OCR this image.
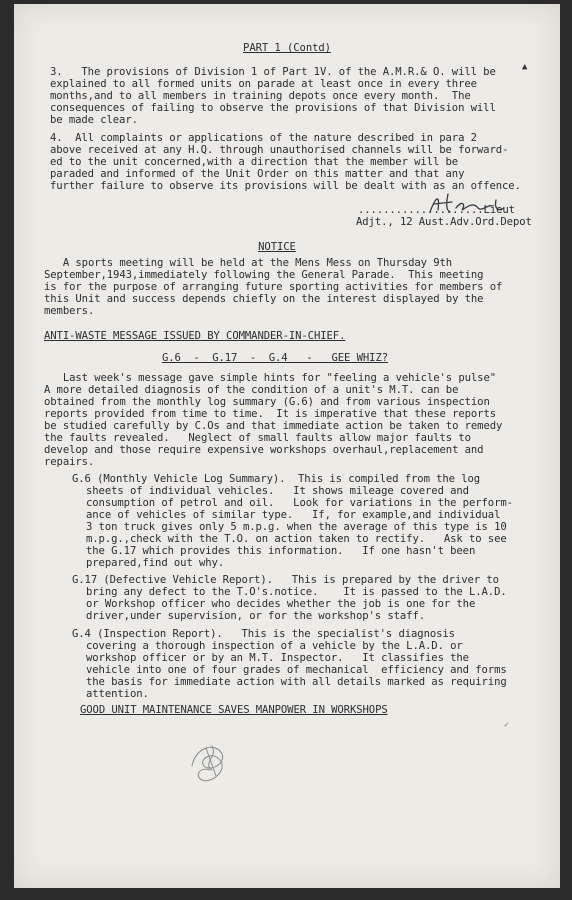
PART 1 (Contd)
▲
3.   The provisions of Division 1 of Part 1V. of the A.M.R.& O. will be
explained to all formed units on parade at least once in every three
months,and to all members in training depots once every month.  The
consequences of failing to observe the provisions of that Division will
be made clear.
4.  All complaints or applications of the nature described in para 2
above received at any H.Q. through unauthorised channels will be forward-
ed to the unit concerned,with a direction that the member will be
paraded and informed of the Unit Order on this matter and that any
further failure to observe its provisions will be dealt with as an offence.
....................Lieut
Adjt., 12 Aust.Adv.Ord.Depot
NOTICE
A sports meeting will be held at the Mens Mess on Thursday 9th
September,1943,immediately following the General Parade.  This meeting
is for the purpose of arranging future sporting activities for members of
this Unit and success depends chiefly on the interest displayed by the
members.
ANTI-WASTE MESSAGE ISSUED BY COMMANDER-IN-CHIEF.
G.6  -  G.17  -  G.4   -   GEE WHIZ?
Last week's message gave simple hints for "feeling a vehicle's pulse"
A more detailed diagnosis of the condition of a unit's M.T. can be
obtained from the monthly log summary (G.6) and from various inspection
reports provided from time to time.  It is imperative that these reports
be studied carefully by C.Os and that immediate action be taken to remedy
the faults revealed.   Neglect of small faults allow major faults to
develop and those require expensive workshops overhaul,replacement and
repairs.
G.6 (Monthly Vehicle Log Summary).  This is compiled from the log
sheets of individual vehicles.   It shows mileage covered and
consumption of petrol and oil.   Look for variations in the perform-
ance of vehicles of similar type.   If, for example,and individual
3 ton truck gives only 5 m.p.g. when the average of this type is 10
m.p.g.,check with the T.O. on action taken to rectify.   Ask to see
the G.17 which provides this information.   If one hasn't been
prepared,find out why.
G.17 (Defective Vehicle Report).   This is prepared by the driver to
bring any defect to the T.O's.notice.    It is passed to the L.A.D.
or Workshop officer who decides whether the job is one for the
driver,under supervision, or for the workshop's staff.
G.4 (Inspection Report).   This is the specialist's diagnosis
covering a thorough inspection of a vehicle by the L.A.D. or
workshop officer or by an M.T. Inspector.   It classifies the
vehicle into one of four grades of mechanical  efficiency and forms
the basis for immediate action with all details marked as requiring
attention.
GOOD UNIT MAINTENANCE SAVES MANPOWER IN WORKSHOPS
✓
